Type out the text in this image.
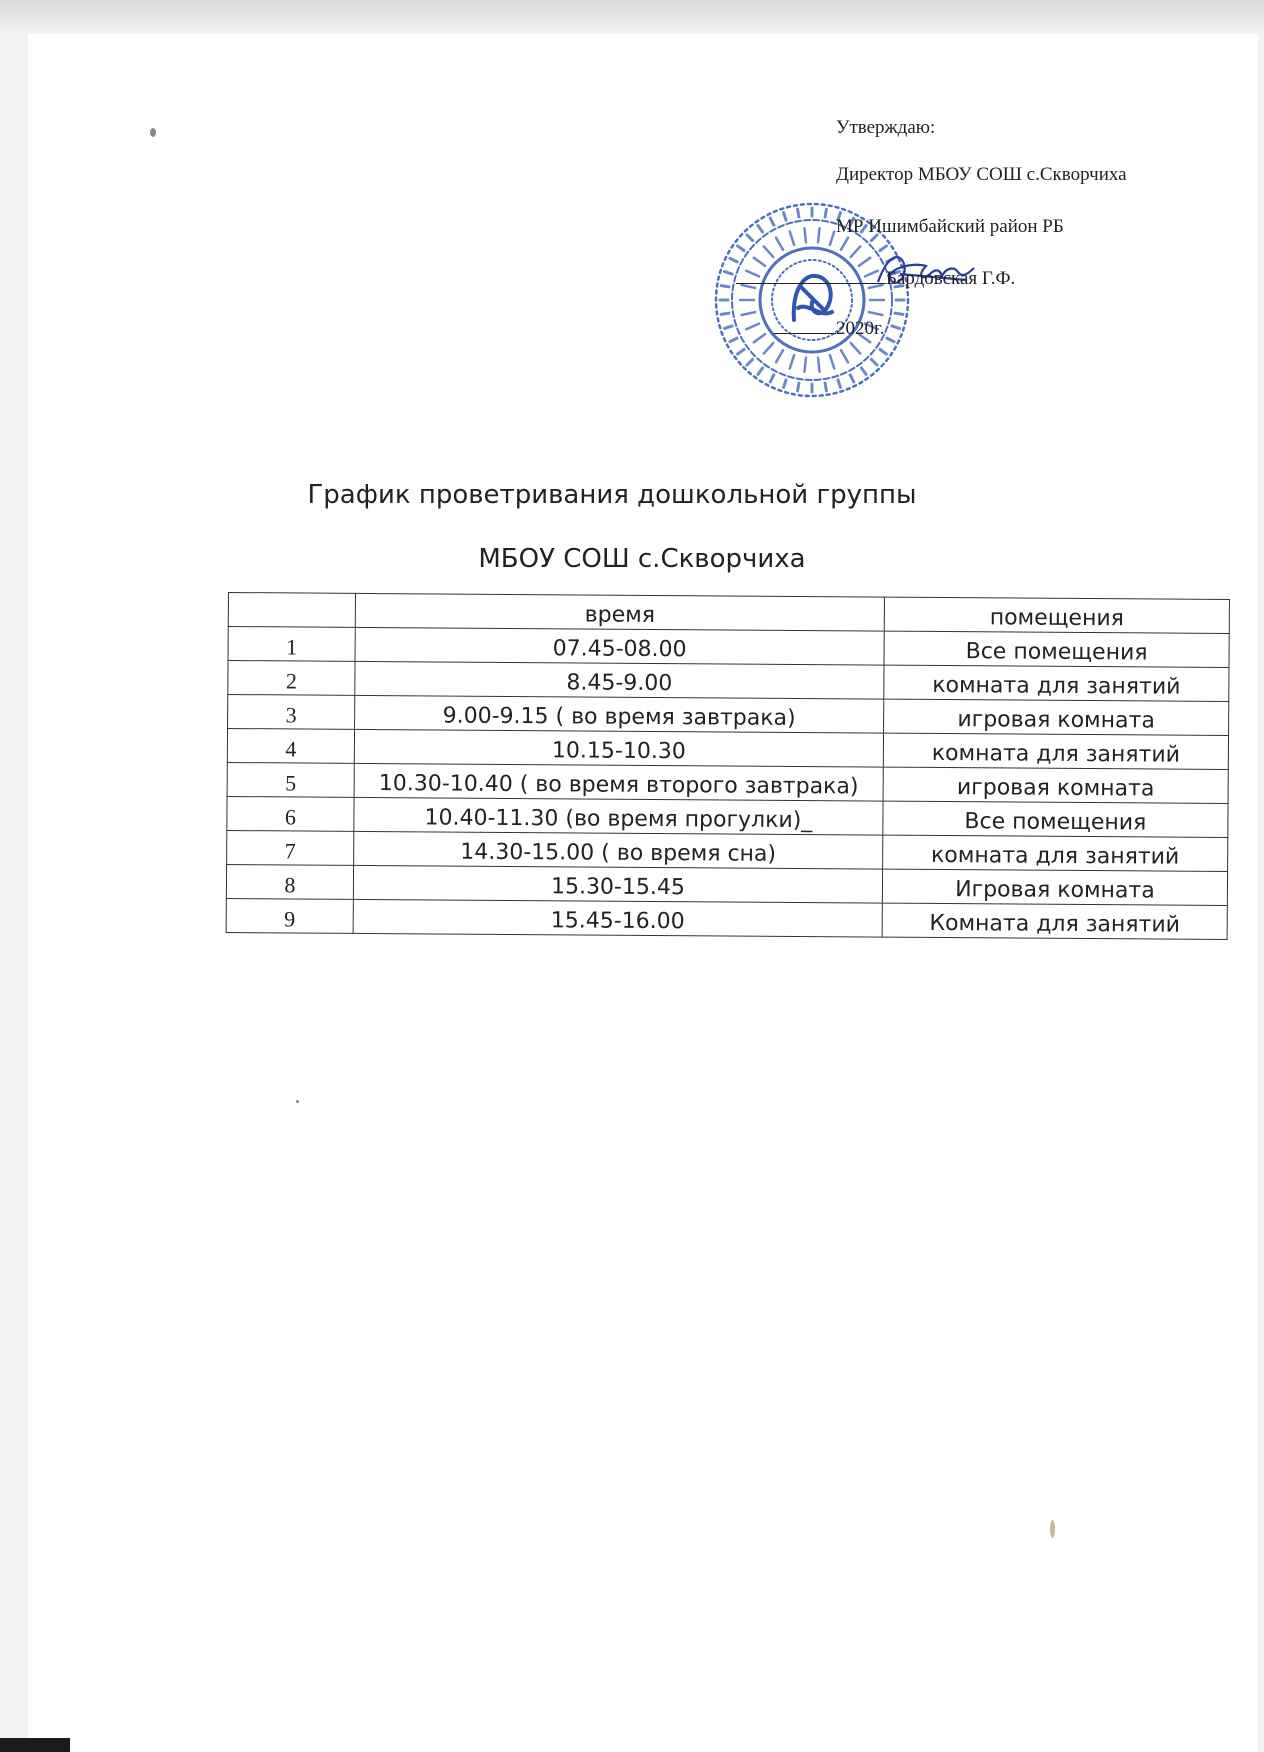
Утверждаю:
Директор МБОУ СОШ с.Скворчиха
МР Ишимбайский район РБ
Бардовская Г.Ф.
2020г.
График проветривания дошкольной группы
МБОУ СОШ с.Скворчиха
	время	помещения
1	07.45-08.00	Все помещения
2	8.45-9.00	комната для занятий
3	9.00-9.15 ( во время завтрака)	игровая комната
4	10.15-10.30	комната для занятий
5	10.30-10.40 ( во время второго завтрака)	игровая комната
6	10.40-11.30 (во время прогулки)_	Все помещения
7	14.30-15.00 ( во время сна)	комната для занятий
8	15.30-15.45	Игровая комната
9	15.45-16.00	Комната для занятий
